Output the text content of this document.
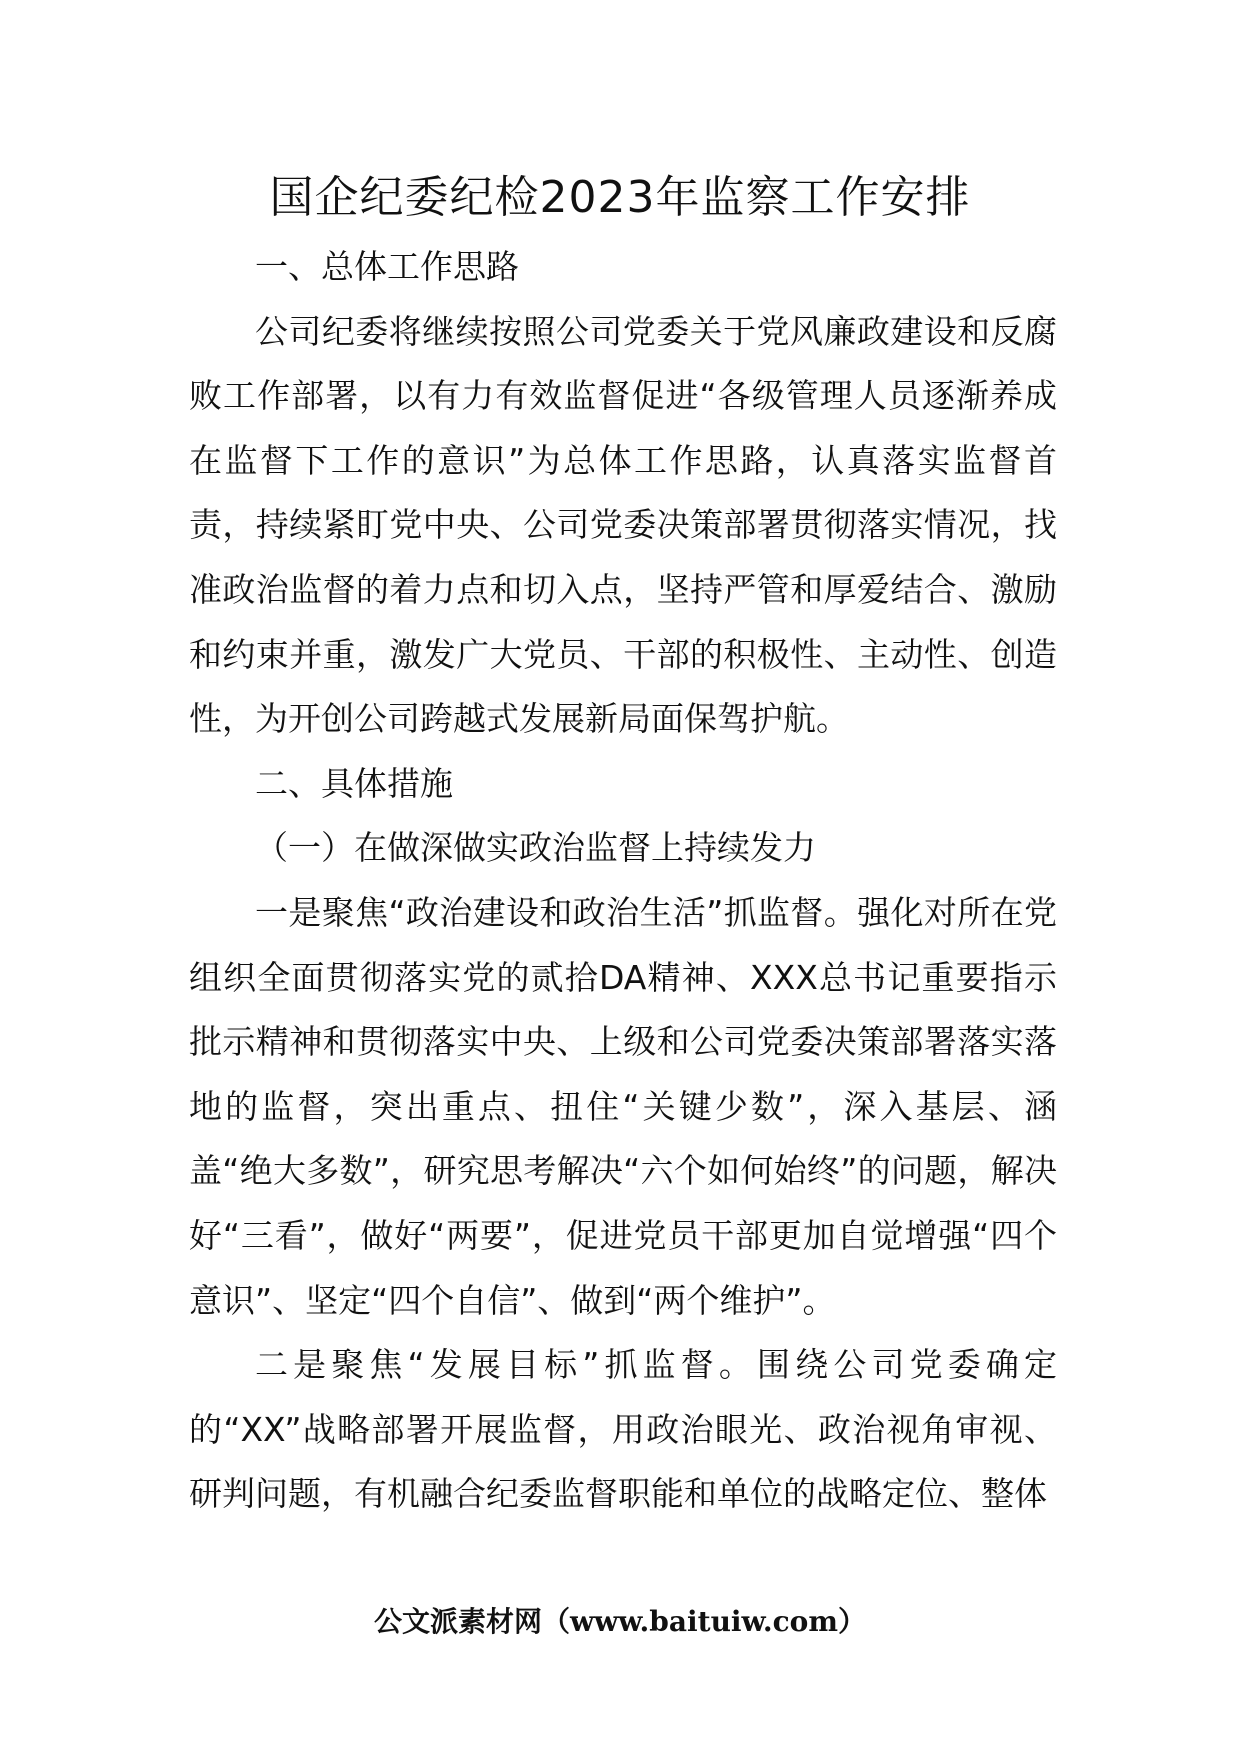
国企纪委纪检2023年监察工作安排

一、总体工作思路

公司纪委将继续按照公司党委关于党风廉政建设和反腐败工作部署，以有力有效监督促进“各级管理人员逐渐养成在监督下工作的意识”为总体工作思路，认真落实监督首责，持续紧盯党中央、公司党委决策部署贯彻落实情况，找准政治监督的着力点和切入点，坚持严管和厚爱结合、激励和约束并重，激发广大党员、干部的积极性、主动性、创造性，为开创公司跨越式发展新局面保驾护航。

二、具体措施

（一）在做深做实政治监督上持续发力

一是聚焦“政治建设和政治生活”抓监督。强化对所在党组织全面贯彻落实党的贰拾DA精神、XXX总书记重要指示批示精神和贯彻落实中央、上级和公司党委决策部署落实落地的监督，突出重点、扭住“关键少数”，深入基层、涵盖“绝大多数”，研究思考解决“六个如何始终”的问题，解决好“三看”，做好“两要”，促进党员干部更加自觉增强“四个意识”、坚定“四个自信”、做到“两个维护”。

二是聚焦“发展目标”抓监督。围绕公司党委确定的“XX”战略部署开展监督，用政治眼光、政治视角审视、研判问题，有机融合纪委监督职能和单位的战略定位、整体

公文派素材网（www.baituiw.com）
